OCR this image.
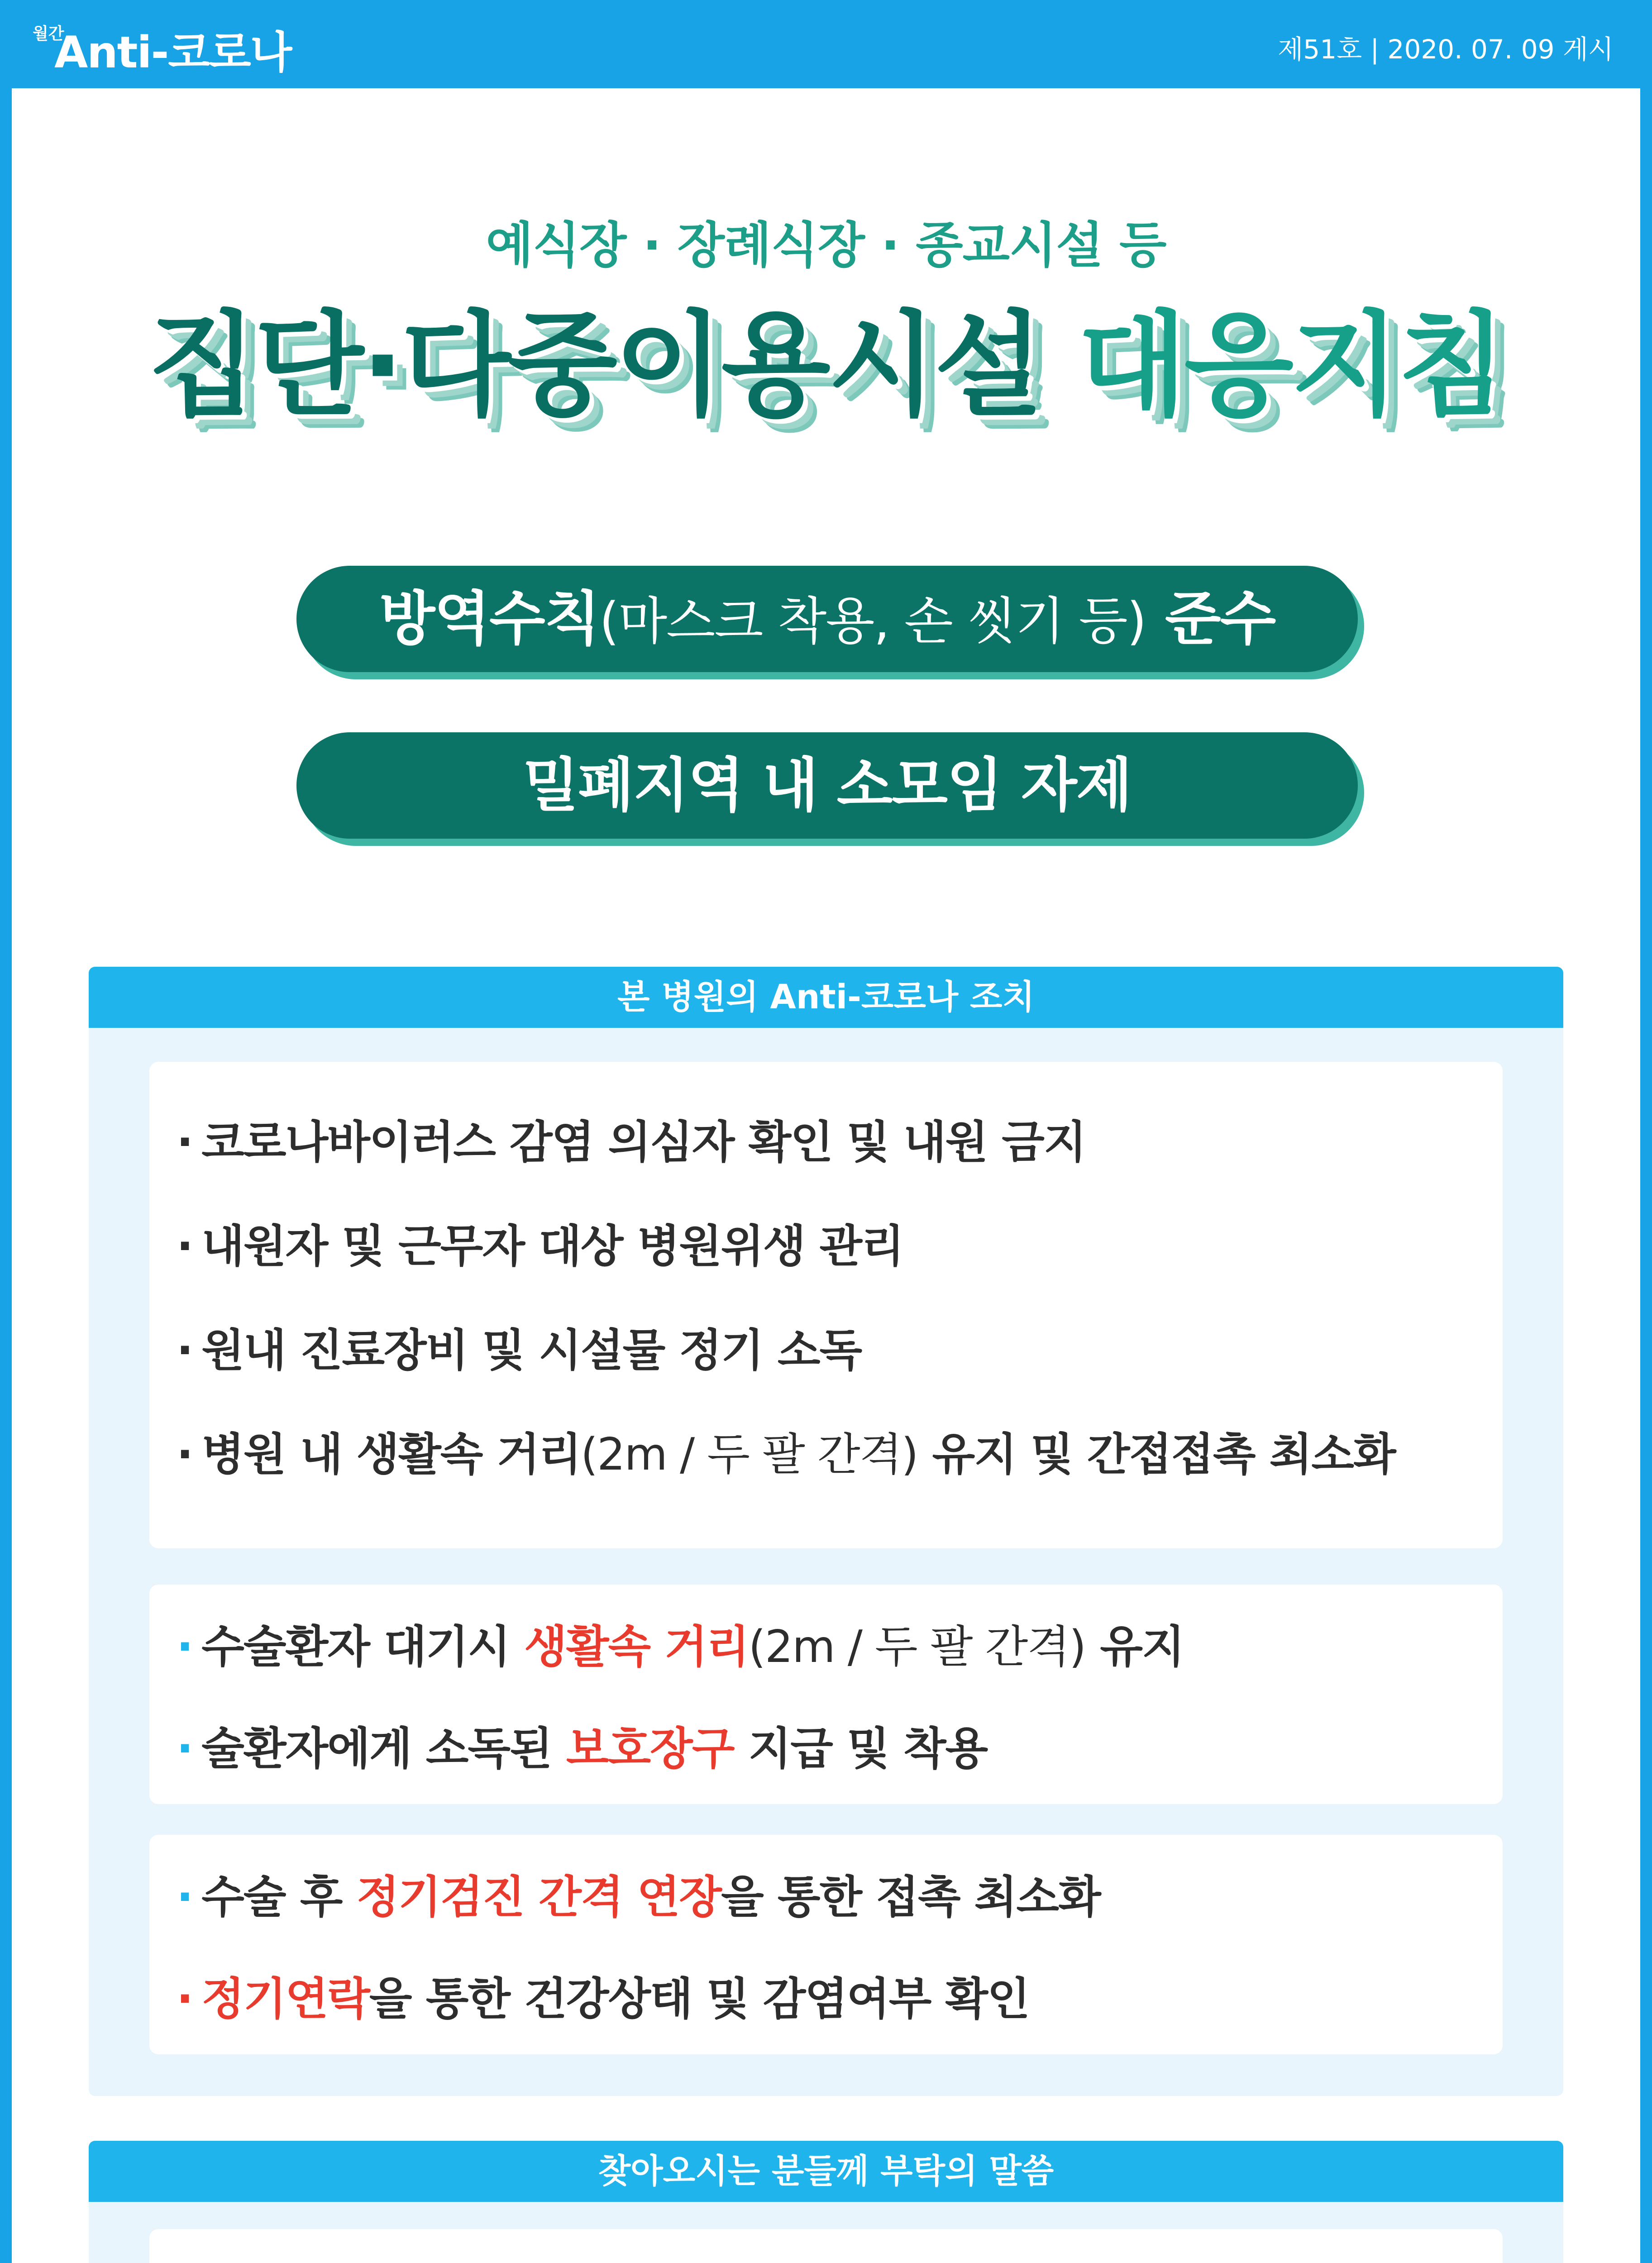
월간
Anti-코로나	제51호 | 2020. 07. 09 게시
예식장 · 장례식장 · 종교시설 등
집단·다중이용시설 대응지침
방역수칙(마스크 착용, 손 씻기 등) 준수
밀폐지역 내 소모임 자제
본 병원의 Anti-코로나 조치
· 코로나바이러스 감염 의심자 확인 및 내원 금지
· 내원자 및 근무자 대상 병원위생 관리
· 원내 진료장비 및 시설물 정기 소독
· 병원 내 생활속 거리(2m / 두 팔 간격) 유지 및 간접접촉 최소화
· 수술환자 대기시 생활속 거리(2m / 두 팔 간격) 유지
· 술환자에게 소독된 보호장구 지급 및 착용
· 수술 후 정기검진 간격 연장을 통한 접촉 최소화
· 정기연락을 통한 건강상태 및 감염여부 확인
찾아오시는 분들께 부탁의 말씀
